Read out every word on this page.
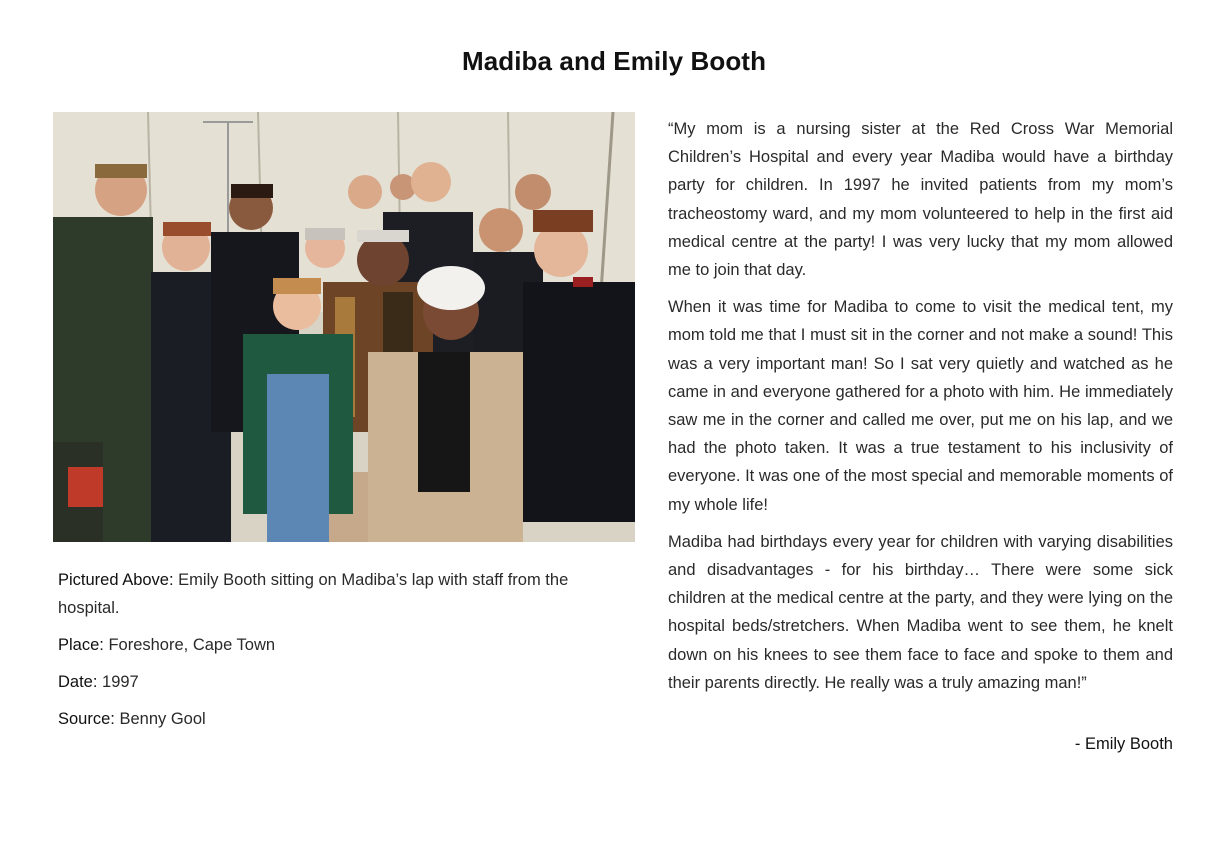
Madiba and Emily Booth

Pictured Above: Emily Booth sitting on Madiba’s lap with staff from the hospital.

Place: Foreshore, Cape Town

Date: 1997

Source: Benny Gool

“My mom is a nursing sister at the Red Cross War Memorial Children’s Hospital and every year Madiba would have a birthday party for children. In 1997 he invited patients from my mom’s tracheostomy ward, and my mom volunteered to help in the first aid medical centre at the party! I was very lucky that my mom allowed me to join that day.

When it was time for Madiba to come to visit the medical tent, my mom told me that I must sit in the corner and not make a sound! This was a very important man! So I sat very quietly and watched as he came in and everyone gathered for a photo with him. He immediately saw me in the corner and called me over, put me on his lap, and we had the photo taken. It was a true testament to his inclusivity of everyone. It was one of the most special and memorable moments of my whole life!

Madiba had birthdays every year for children with varying disabilities and disadvantages - for his birthday… There were some sick children at the medical centre at the party, and they were lying on the hospital beds/stretchers. When Madiba went to see them, he knelt down on his knees to see them face to face and spoke to them and their parents directly. He really was a truly amazing man!”

- Emily Booth
